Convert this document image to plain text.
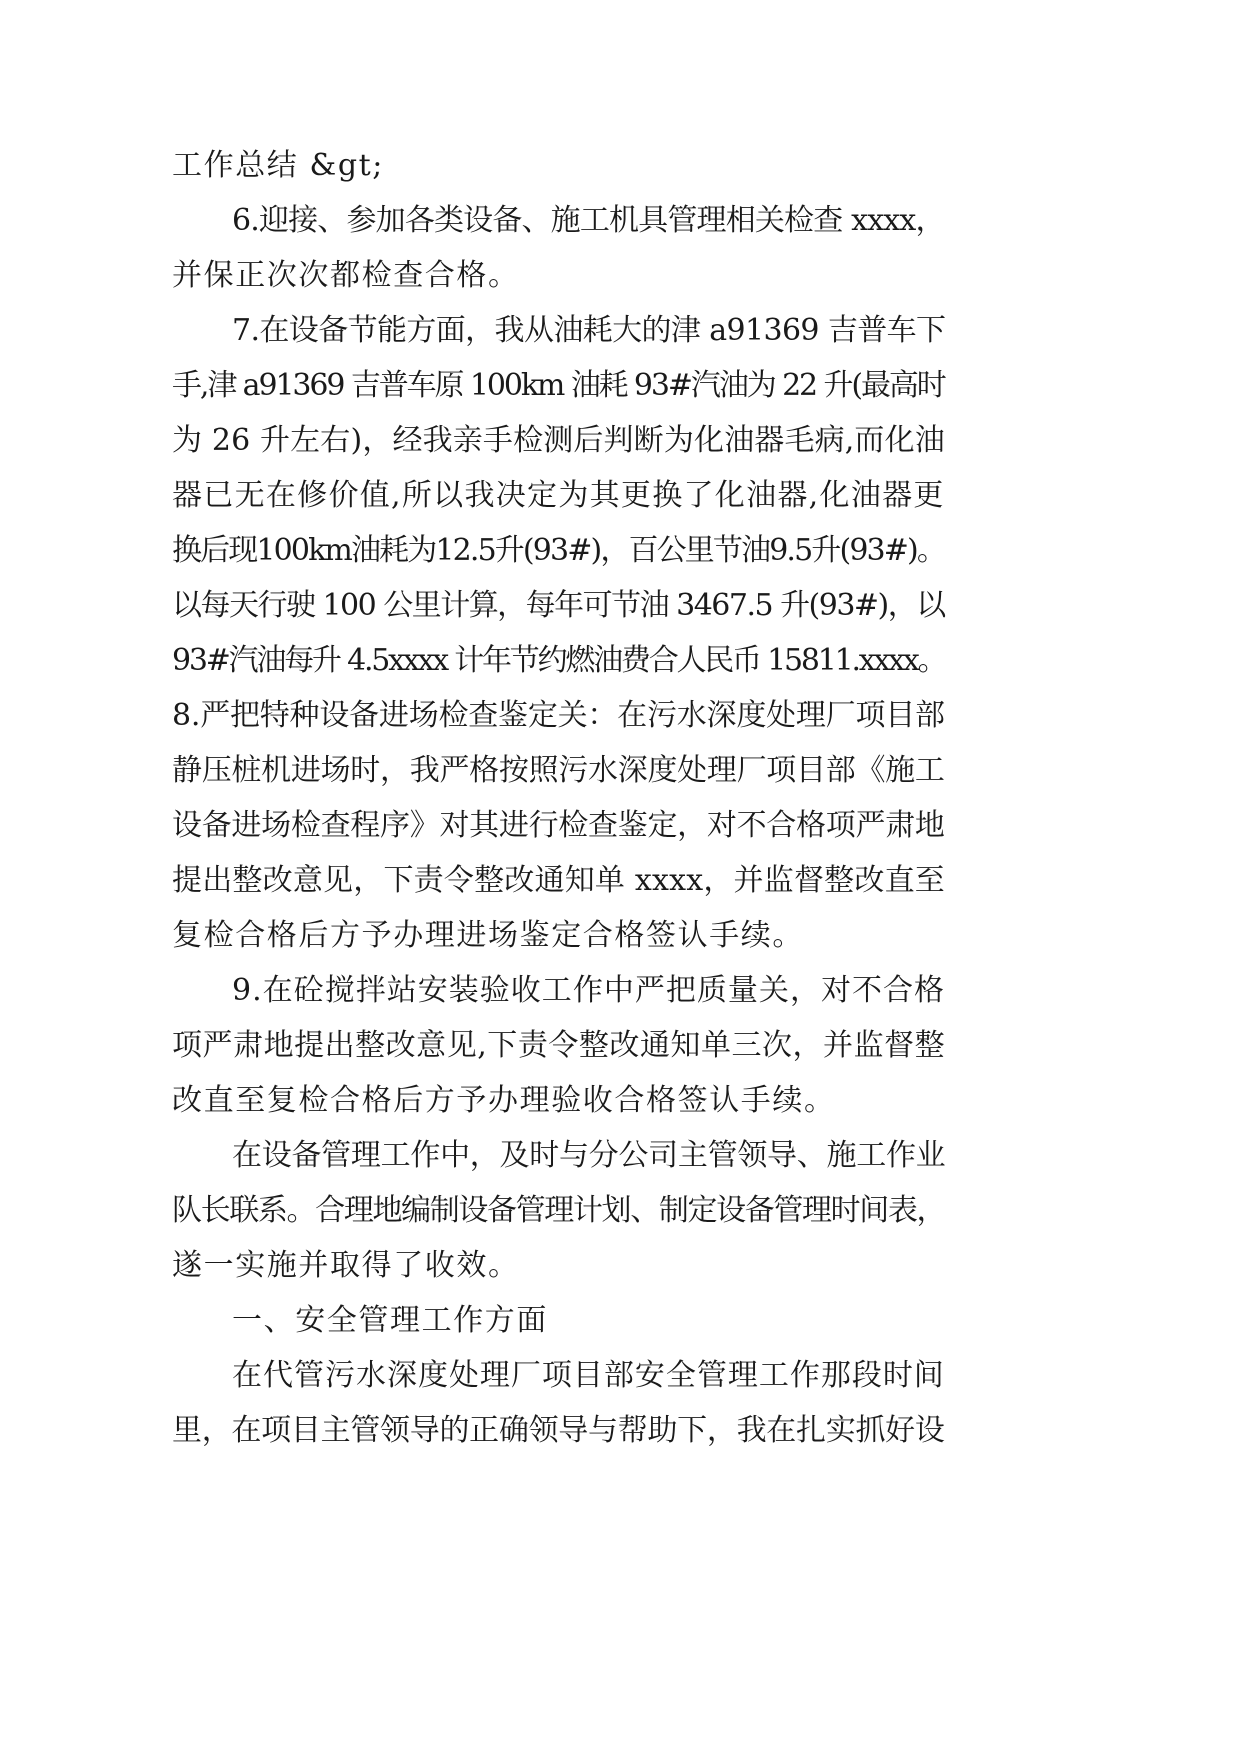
工作总结 &gt;
6.迎接、参加各类设备、施工机具管理相关检查 xxxx，
并保正次次都检查合格。
7.在设备节能方面，我从油耗大的津 a91369 吉普车下
手,津 a91369 吉普车原 100km 油耗 93#汽油为 22 升(最高时
为 26 升左右)，经我亲手检测后判断为化油器毛病,而化油
器已无在修价值,所以我决定为其更换了化油器,化油器更
换后现100km油耗为12.5升(93#)，百公里节油9.5升(93#)。
以每天行驶 100 公里计算，每年可节油 3467.5 升(93#)，以
93#汽油每升 4.5xxxx 计年节约燃油费合人民币 15811.xxxx。
8.严把特种设备进场检查鉴定关：在污水深度处理厂项目部
静压桩机进场时，我严格按照污水深度处理厂项目部《施工
设备进场检查程序》对其进行检查鉴定，对不合格项严肃地
提出整改意见，下责令整改通知单 xxxx，并监督整改直至
复检合格后方予办理进场鉴定合格签认手续。
9.在砼搅拌站安装验收工作中严把质量关，对不合格
项严肃地提出整改意见,下责令整改通知单三次，并监督整
改直至复检合格后方予办理验收合格签认手续。
在设备管理工作中，及时与分公司主管领导、施工作业
队长联系。合理地编制设备管理计划、制定设备管理时间表，
遂一实施并取得了收效。
一、安全管理工作方面
在代管污水深度处理厂项目部安全管理工作那段时间
里，在项目主管领导的正确领导与帮助下，我在扎实抓好设
